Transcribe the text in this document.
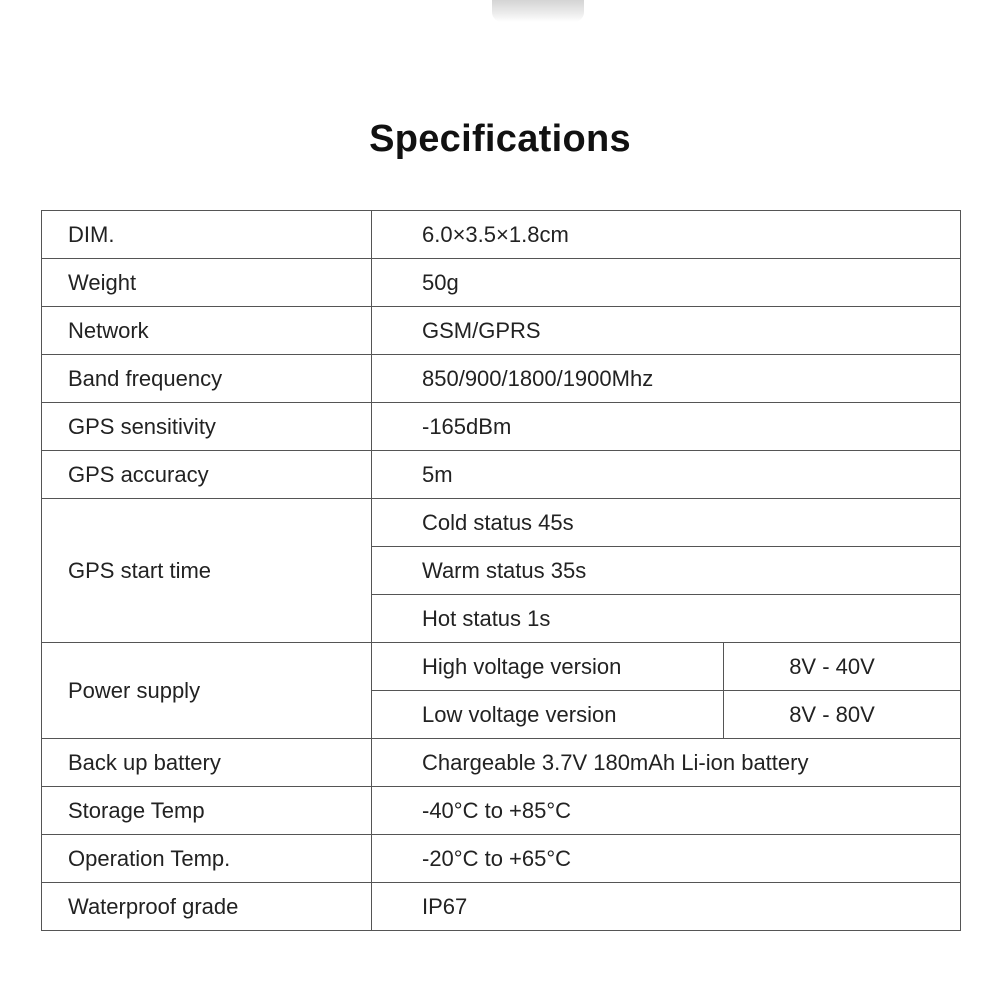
Specifications
DIM.	6.0×3.5×1.8cm	
Weight	50g	
Network	GSM/GPRS	
Band frequency	850/900/1800/1900Mhz	
GPS sensitivity	-165dBm	
GPS accuracy	5m	
GPS start time	Cold status 45s	
	Warm status 35s	
	Hot status 1s	
Power supply	High voltage version	8V - 40V
	Low voltage version	8V - 80V
Back up battery	Chargeable 3.7V 180mAh Li-ion battery	
Storage Temp	-40°C to +85°C	
Operation Temp.	-20°C to +65°C	
Waterproof grade	IP67	
